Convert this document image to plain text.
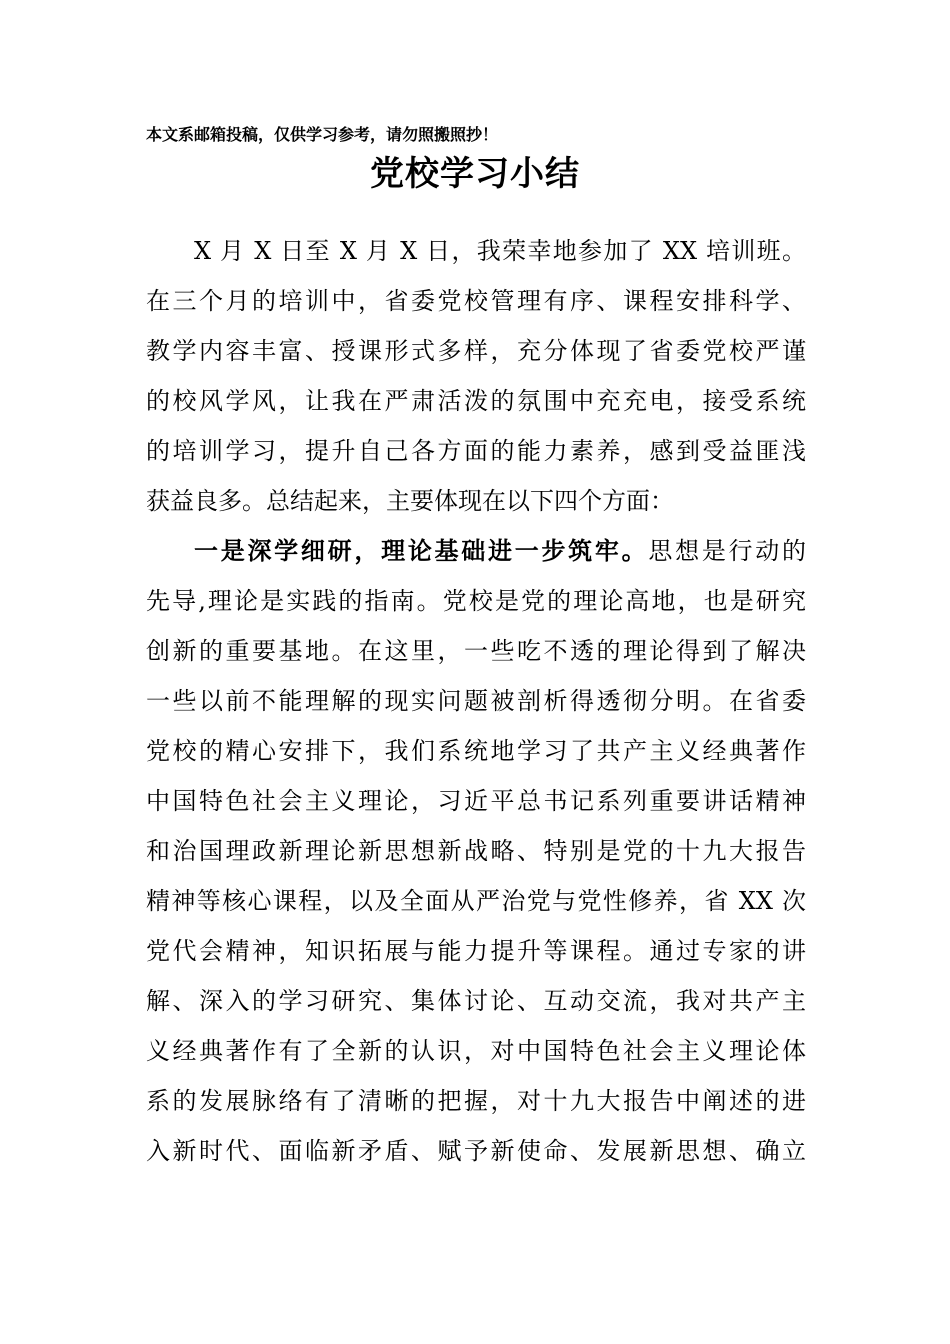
本文系邮箱投稿，仅供学习参考，请勿照搬照抄！
党校学习小结
X 月 X 日至 X 月 X 日，我荣幸地参加了 XX 培训班。
在三个月的培训中，省委党校管理有序、课程安排科学、
教学内容丰富、授课形式多样，充分体现了省委党校严谨
的校风学风，让我在严肃活泼的氛围中充充电，接受系统
的培训学习，提升自己各方面的能力素养，感到受益匪浅
获益良多。总结起来，主要体现在以下四个方面：
一是深学细研，理论基础进一步筑牢。思想是行动的
先导,理论是实践的指南。党校是党的理论高地，也是研究
创新的重要基地。在这里，一些吃不透的理论得到了解决
一些以前不能理解的现实问题被剖析得透彻分明。在省委
党校的精心安排下，我们系统地学习了共产主义经典著作
中国特色社会主义理论，习近平总书记系列重要讲话精神
和治国理政新理论新思想新战略、特别是党的十九大报告
精神等核心课程，以及全面从严治党与党性修养，省 XX 次
党代会精神，知识拓展与能力提升等课程。通过专家的讲
解、深入的学习研究、集体讨论、互动交流，我对共产主
义经典著作有了全新的认识，对中国特色社会主义理论体
系的发展脉络有了清晰的把握，对十九大报告中阐述的进
入新时代、面临新矛盾、赋予新使命、发展新思想、确立
